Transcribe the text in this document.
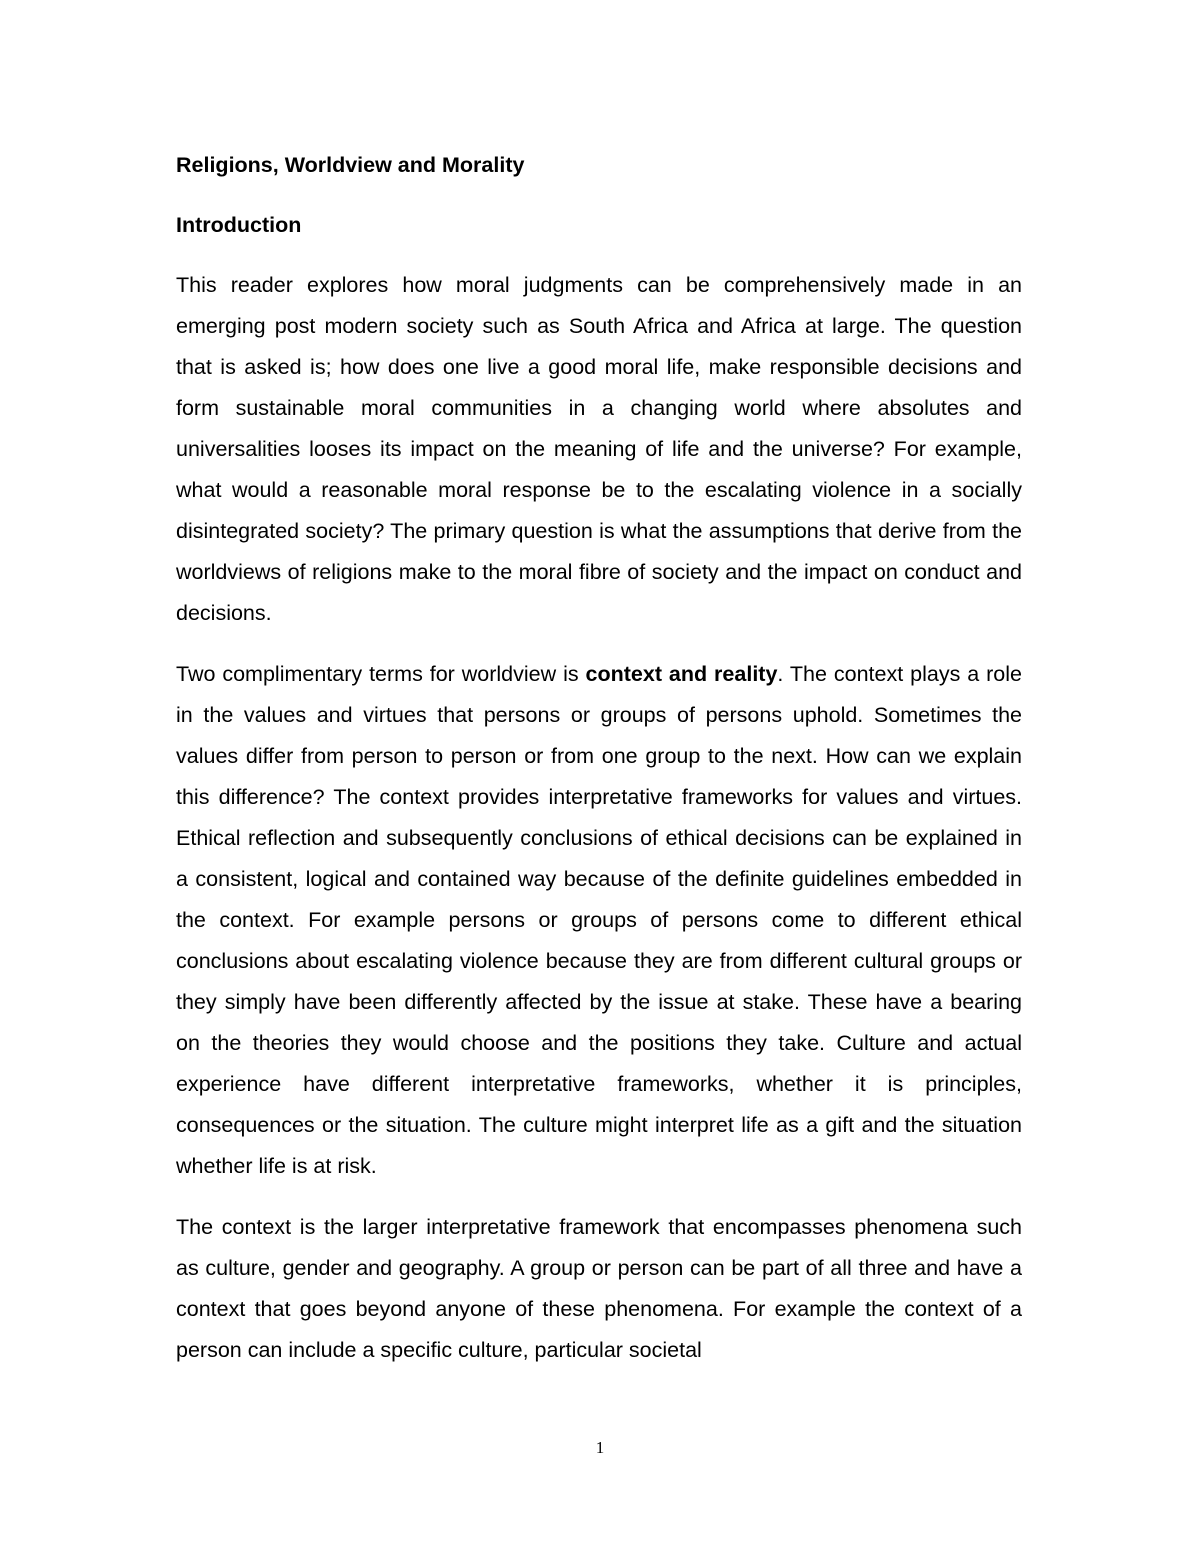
Religions, Worldview and Morality
Introduction

This reader explores how moral judgments can be comprehensively made in an emerging post modern society such as South Africa and Africa at large. The question that is asked is; how does one live a good moral life, make responsible decisions and form sustainable moral communities in a changing world where absolutes and universalities looses its impact on the meaning of life and the universe? For example, what would a reasonable moral response be to the escalating violence in a socially disintegrated society? The primary question is what the assumptions that derive from the worldviews of religions make to the moral fibre of society and the impact on conduct and decisions.

Two complimentary terms for worldview is context and reality. The context plays a role in the values and virtues that persons or groups of persons uphold. Sometimes the values differ from person to person or from one group to the next. How can we explain this difference? The context provides interpretative frameworks for values and virtues. Ethical reflection and subsequently conclusions of ethical decisions can be explained in a consistent, logical and contained way because of the definite guidelines embedded in the context. For example persons or groups of persons come to different ethical conclusions about escalating violence because they are from different cultural groups or they simply have been differently affected by the issue at stake. These have a bearing on the theories they would choose and the positions they take. Culture and actual experience have different interpretative frameworks, whether it is principles, consequences or the situation. The culture might interpret life as a gift and the situation whether life is at risk.

The context is the larger interpretative framework that encompasses phenomena such as culture, gender and geography. A group or person can be part of all three and have a context that goes beyond anyone of these phenomena. For example the context of a person can include a specific culture, particular societal

1
